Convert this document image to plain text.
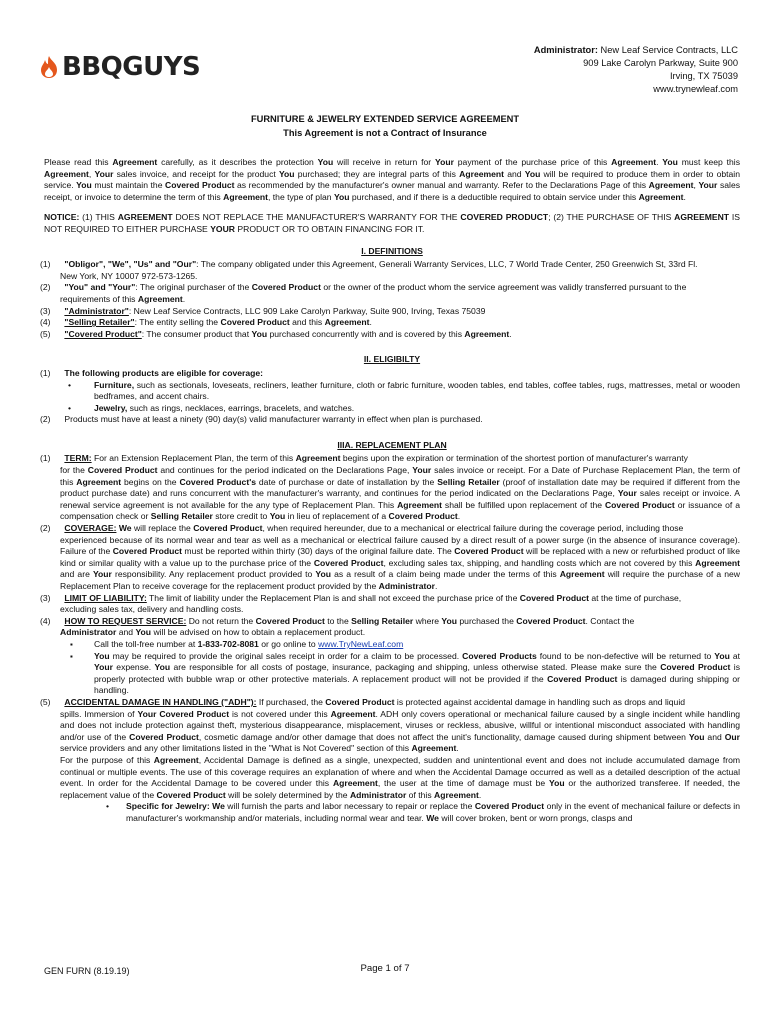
BBQGUYS
Administrator: New Leaf Service Contracts, LLC
909 Lake Carolyn Parkway, Suite 900
Irving, TX 75039
www.trynewleaf.com
FURNITURE & JEWELRY EXTENDED SERVICE AGREEMENT
This Agreement is not a Contract of Insurance

Please read this Agreement carefully, as it describes the protection You will receive in return for Your payment of the purchase price of this Agreement. You must keep this Agreement, Your sales invoice, and receipt for the product You purchased; they are integral parts of this Agreement and You will be required to produce them in order to obtain service. You must maintain the Covered Product as recommended by the manufacturer's owner manual and warranty. Refer to the Declarations Page of this Agreement, Your sales receipt, or invoice to determine the term of this Agreement, the type of plan You purchased, and if there is a deductible required to obtain service under this Agreement.

NOTICE: (1) THIS AGREEMENT DOES NOT REPLACE THE MANUFACTURER'S WARRANTY FOR THE COVERED PRODUCT; (2) THE PURCHASE OF THIS AGREEMENT IS NOT REQUIRED TO EITHER PURCHASE YOUR PRODUCT OR TO OBTAIN FINANCING FOR IT.

I. DEFINITIONS
(1) "Obligor", "We", "Us" and "Our": The company obligated under this Agreement, Generali Warranty Services, LLC, 7 World Trade Center, 250 Greenwich St, 33rd Fl.
New York, NY 10007 972-573-1265.
(2) "You" and "Your": The original purchaser of the Covered Product or the owner of the product whom the service agreement was validly transferred pursuant to the
requirements of this Agreement.
(3) "Administrator": New Leaf Service Contracts, LLC 909 Lake Carolyn Parkway, Suite 900, Irving, Texas 75039
(4) "Selling Retailer": The entity selling the Covered Product and this Agreement.
(5) "Covered Product": The consumer product that You purchased concurrently with and is covered by this Agreement.
II. ELIGIBILTY
(1) The following products are eligible for coverage:
•	Furniture, such as sectionals, loveseats, recliners, leather furniture, cloth or fabric furniture, wooden tables, end tables, coffee tables, rugs, mattresses, metal or wooden bedframes, and accent chairs.
•	Jewelry, such as rings, necklaces, earrings, bracelets, and watches.
(2) Products must have at least a ninety (90) day(s) valid manufacturer warranty in effect when plan is purchased.
IIIA. REPLACEMENT PLAN
(1) TERM: For an Extension Replacement Plan, the term of this Agreement begins upon the expiration or termination of the shortest portion of manufacturer's warranty
for the Covered Product and continues for the period indicated on the Declarations Page, Your sales invoice or receipt. For a Date of Purchase Replacement Plan, the term of this Agreement begins on the Covered Product's date of purchase or date of installation by the Selling Retailer (proof of installation date may be required if different from the product purchase date) and runs concurrent with the manufacturer's warranty, and continues for the period indicated on the Declarations Page, Your sales receipt or invoice. A renewal service agreement is not available for the any type of Replacement Plan. This Agreement shall be fulfilled upon replacement of the Covered Product or issuance of a compensation check or Selling Retailer store credit to You in lieu of replacement of a Covered Product.
(2) COVERAGE: We will replace the Covered Product, when required hereunder, due to a mechanical or electrical failure during the coverage period, including those
experienced because of its normal wear and tear as well as a mechanical or electrical failure caused by a direct result of a power surge (in the absence of insurance coverage). Failure of the Covered Product must be reported within thirty (30) days of the original failure date. The Covered Product will be replaced with a new or refurbished product of like kind or similar quality with a value up to the purchase price of the Covered Product, excluding sales tax, shipping, and handling costs which are not covered by this Agreement and are Your responsibility. Any replacement product provided to You as a result of a claim being made under the terms of this Agreement will require the purchase of a new Replacement Plan to receive coverage for the replacement product provided by the Administrator.
(3) LIMIT OF LIABILITY: The limit of liability under the Replacement Plan is and shall not exceed the purchase price of the Covered Product at the time of purchase,
excluding sales tax, delivery and handling costs.
(4) HOW TO REQUEST SERVICE: Do not return the Covered Product to the Selling Retailer where You purchased the Covered Product. Contact the
Administrator and You will be advised on how to obtain a replacement product.
▪ Call the toll-free number at 1-833-702-8081 or go online to www.TryNewLeaf.com
▪ You may be required to provide the original sales receipt in order for a claim to be processed. Covered Products found to be non-defective will be returned to You at Your expense. You are responsible for all costs of postage, insurance, packaging and shipping, unless otherwise stated. Please make sure the Covered Product is properly protected with bubble wrap or other protective materials. A replacement product will not be provided if the Covered Product is damaged during shipping or handling.
(5) ACCIDENTAL DAMAGE IN HANDLING ("ADH"): If purchased, the Covered Product is protected against accidental damage in handling such as drops and liquid
spills. Immersion of Your Covered Product is not covered under this Agreement. ADH only covers operational or mechanical failure caused by a single incident while handling and does not include protection against theft, mysterious disappearance, misplacement, viruses or reckless, abusive, willful or intentional misconduct associated with handling and/or use of the Covered Product, cosmetic damage and/or other damage that does not affect the unit's functionality, damage caused during shipment between You and Our service providers and any other limitations listed in the "What is Not Covered" section of this Agreement.
For the purpose of this Agreement, Accidental Damage is defined as a single, unexpected, sudden and unintentional event and does not include accumulated damage from continual or multiple events. The use of this coverage requires an explanation of where and when the Accidental Damage occurred as well as a detailed description of the actual event. In order for the Accidental Damage to be covered under this Agreement, the user at the time of damage must be You or the authorized transferee. If needed, the replacement value of the Covered Product will be solely determined by the Administrator of this Agreement.
• Specific for Jewelry: We will furnish the parts and labor necessary to repair or replace the Covered Product only in the event of mechanical failure or defects in manufacturer's workmanship and/or materials, including normal wear and tear. We will cover broken, bent or worn prongs, clasps and
GEN FURN (8.19.19)	Page 1 of 7
